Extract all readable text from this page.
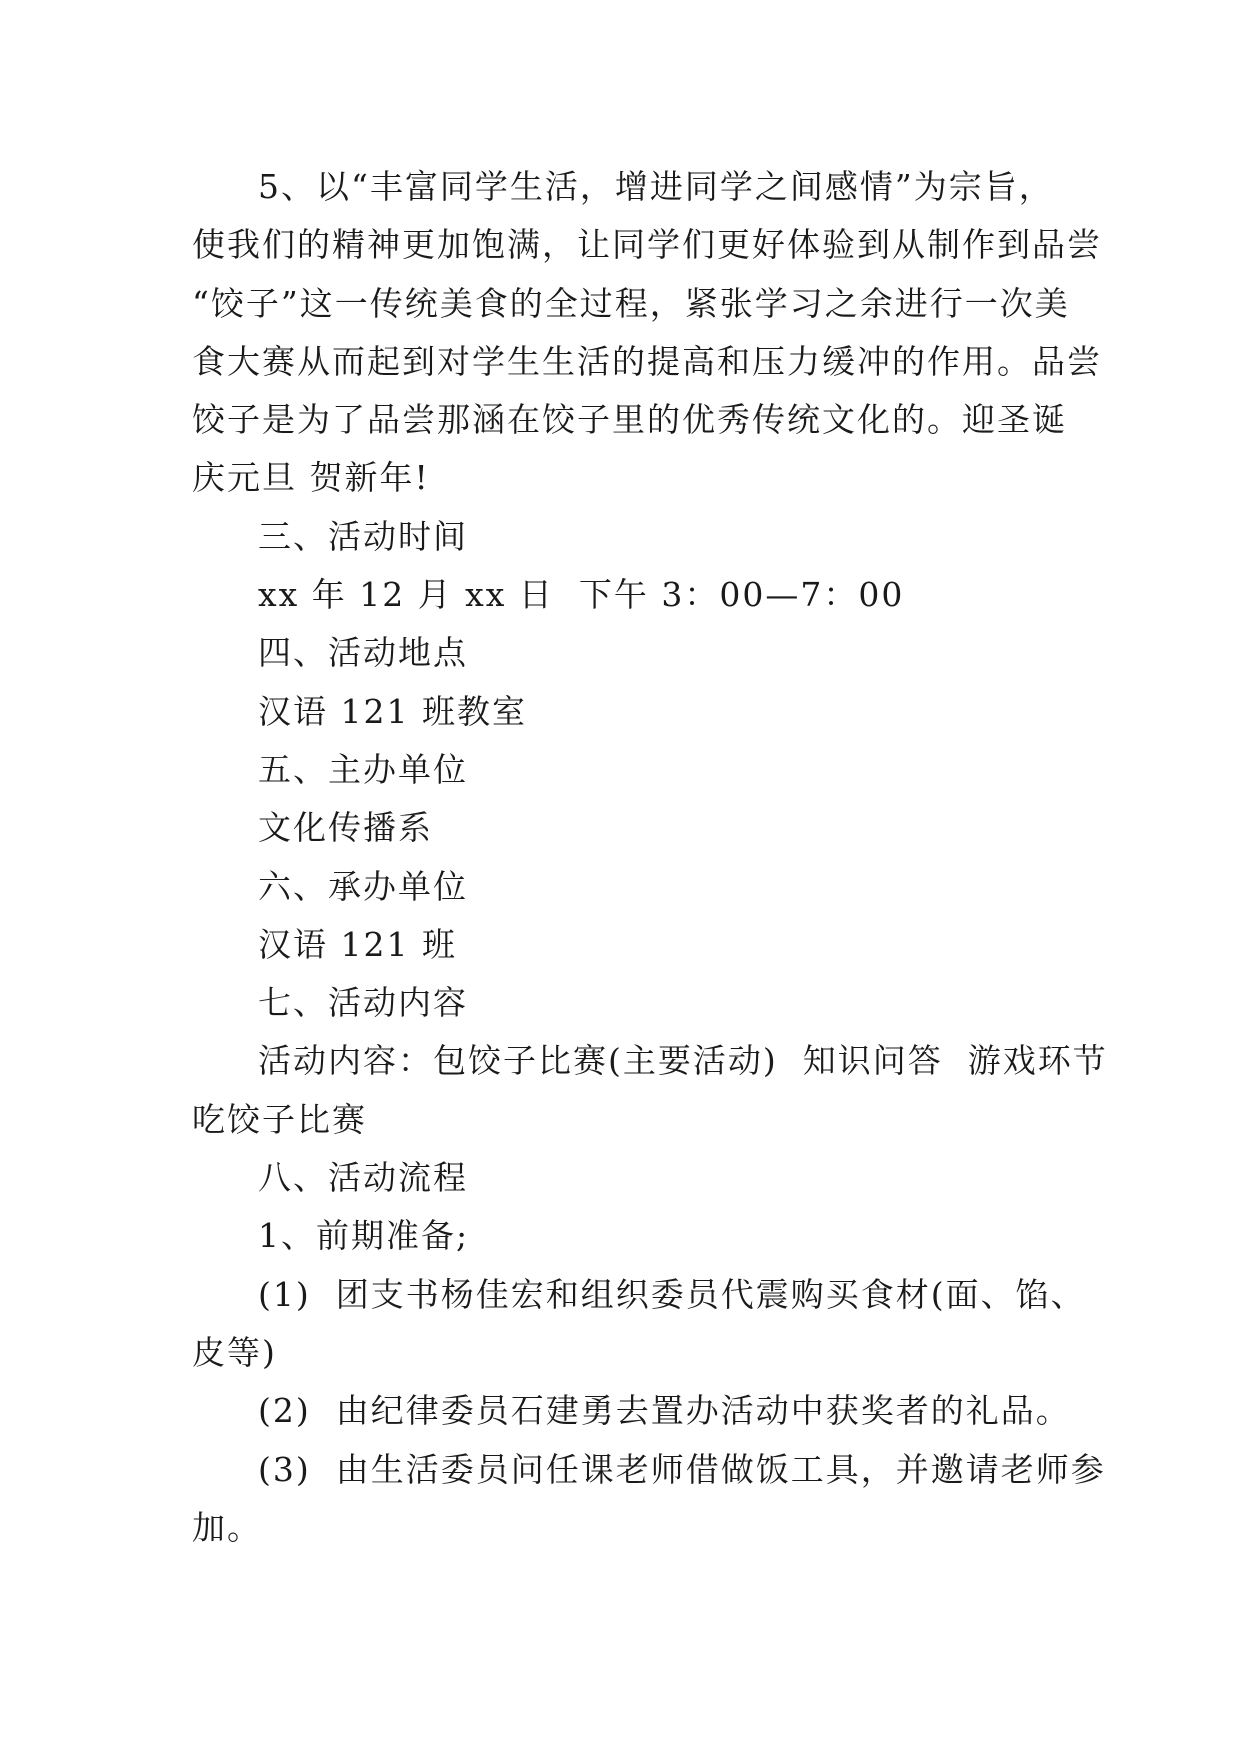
5、以“丰富同学生活，增进同学之间感情”为宗旨，
使我们的精神更加饱满，让同学们更好体验到从制作到品尝
“饺子”这一传统美食的全过程，紧张学习之余进行一次美
食大赛从而起到对学生生活的提高和压力缓冲的作用。品尝
饺子是为了品尝那涵在饺子里的优秀传统文化的。迎圣诞
庆元旦 贺新年!
三、活动时间
xx 年 12 月 xx 日  下午 3：00—7：00
四、活动地点
汉语 121 班教室
五、主办单位
文化传播系
六、承办单位
汉语 121 班
七、活动内容
活动内容：包饺子比赛(主要活动)  知识问答  游戏环节
吃饺子比赛
八、活动流程
1、前期准备;
(1)  团支书杨佳宏和组织委员代震购买食材(面、馅、
皮等)
(2)  由纪律委员石建勇去置办活动中获奖者的礼品。
(3)  由生活委员问任课老师借做饭工具，并邀请老师参
加。
